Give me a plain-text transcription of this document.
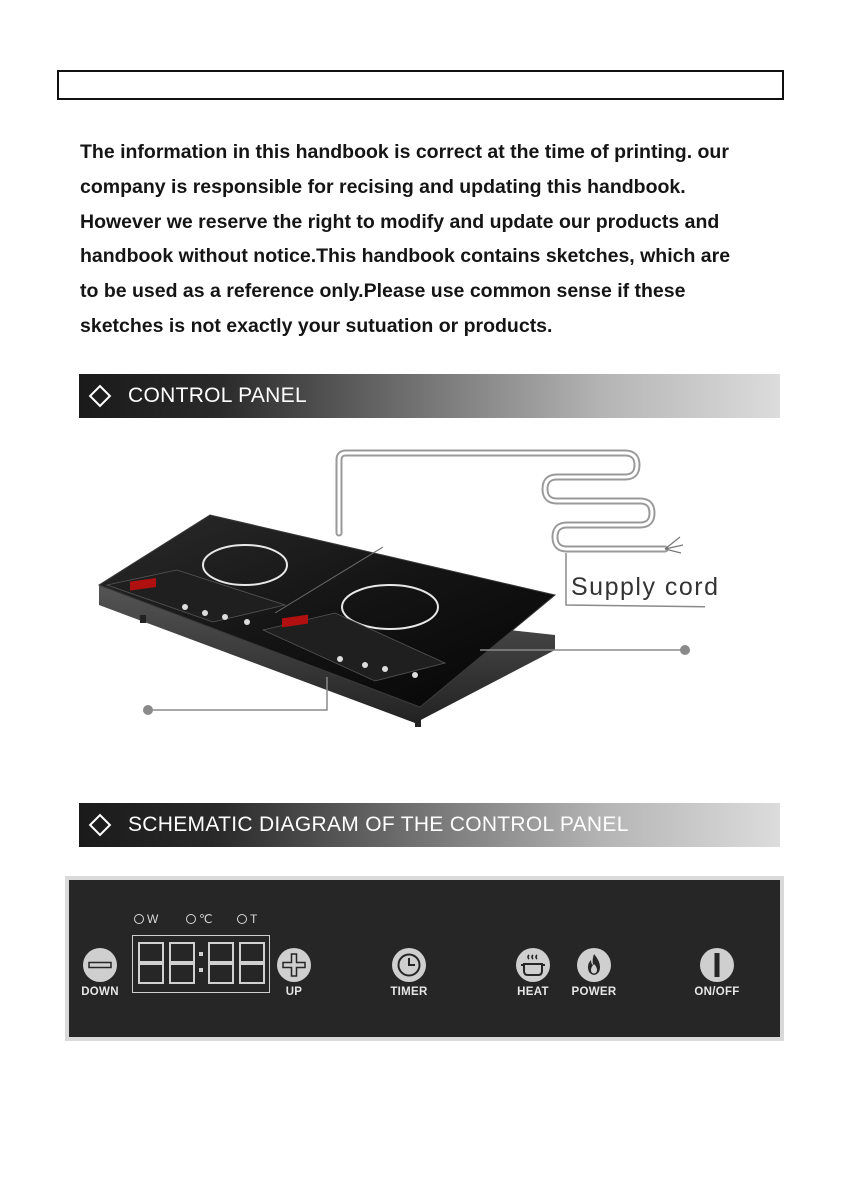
The information in this handbook is correct at the time of printing. our
company is responsible for recising and updating this handbook.
However we reserve the right to modify and update our products and
handbook without notice.This handbook contains sketches, which are
to be used as a reference only.Please use common sense if these
sketches is not exactly your sutuation or products.
CONTROL PANEL
Supply cord
SCHEMATIC DIAGRAM OF THE CONTROL PANEL
W	℃	T
DOWN	UP	TIMER	HEAT	POWER	ON/OFF
